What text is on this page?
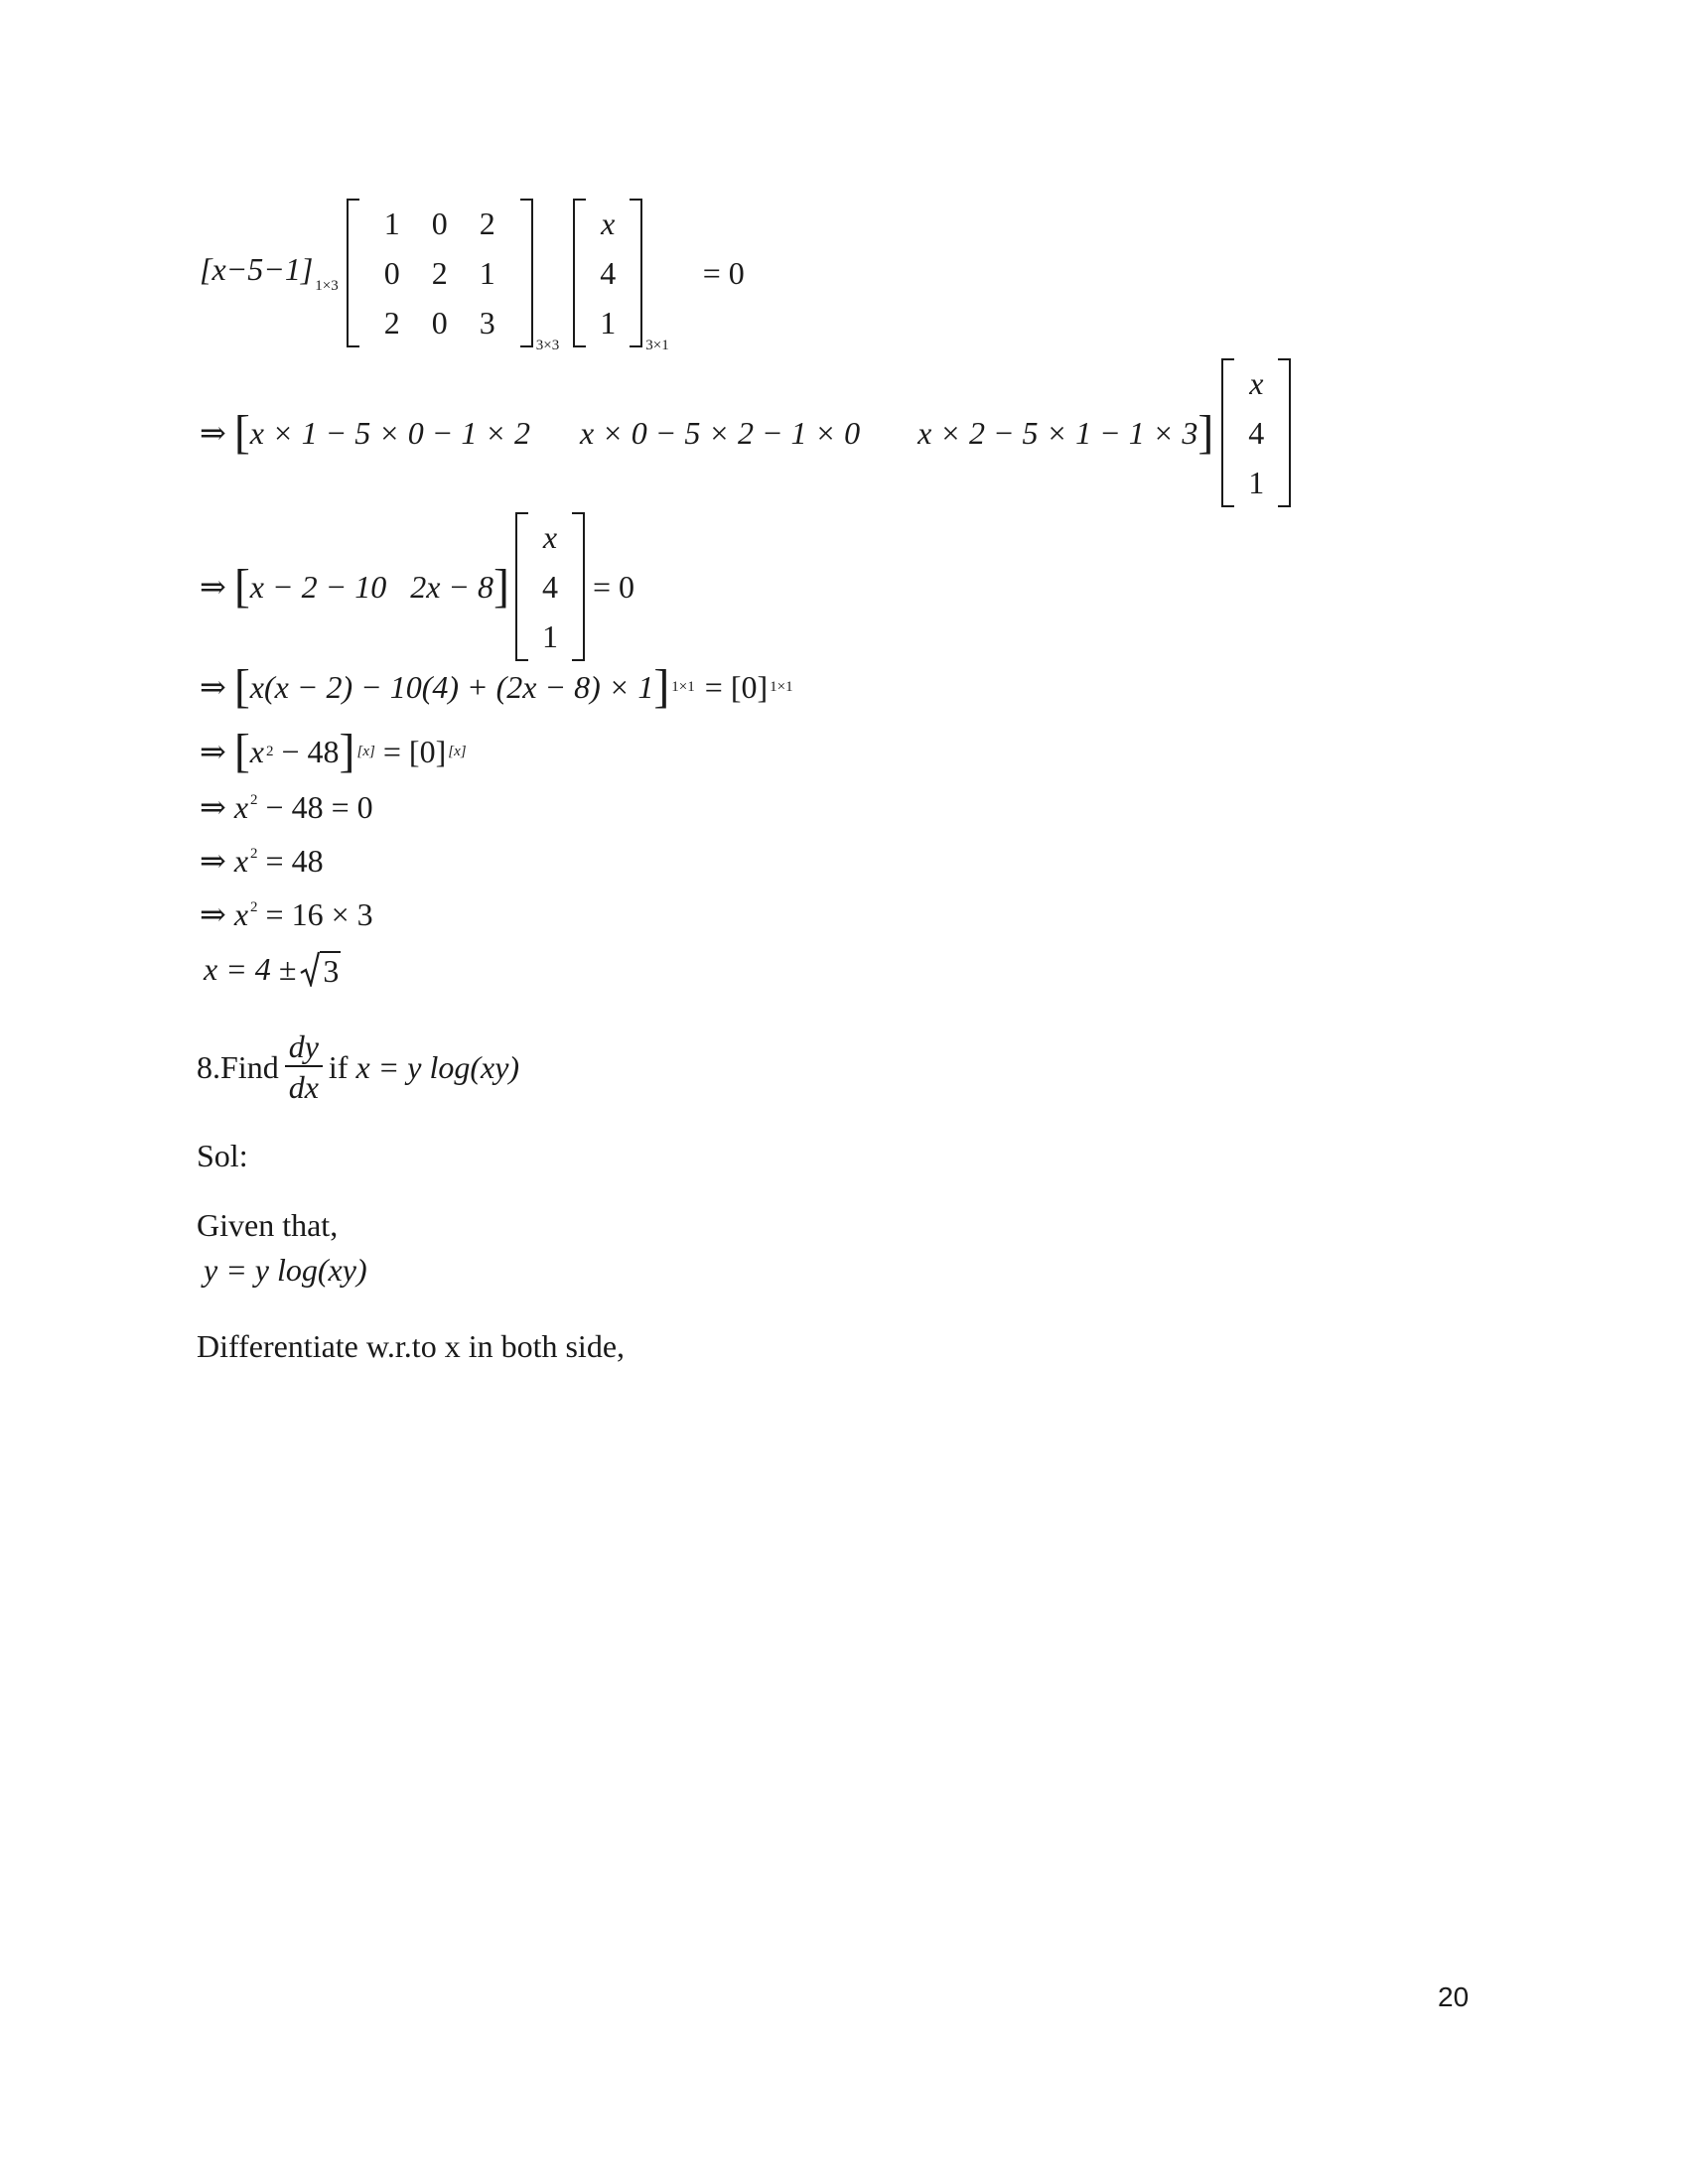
[x−5−1] $_{1\times 3}$
1 0 2
0 2 1
2 0 3
3×3
x
4
1
3×1
= 0
⇒ [ x × 1 − 5 × 0 − 1 × 2 x × 0 − 5 × 2 − 1 × 0 x × 2 − 5 × 1 − 1 × 3 ]
x
4
1
⇒ [ x − 2 − 10   2x − 8 ]
x
4
1
= 0
⇒ [ x(x − 2) − 10(4) + (2x − 8) × 1 ] 1×1 = [0] 1×1
⇒ [ x 2 − 48 ] [x] = [0] [x]
⇒ x $^2$ − 48 = 0
⇒ x $^2$ = 48
⇒ x $^2$ = 16 × 3
x = 4 ± 3
8.Find $\frac{dy}{dx}$ if x = y log(xy)
Sol:
Given that,
y = y log(xy)
Differentiate w.r.to x in both side,
20
